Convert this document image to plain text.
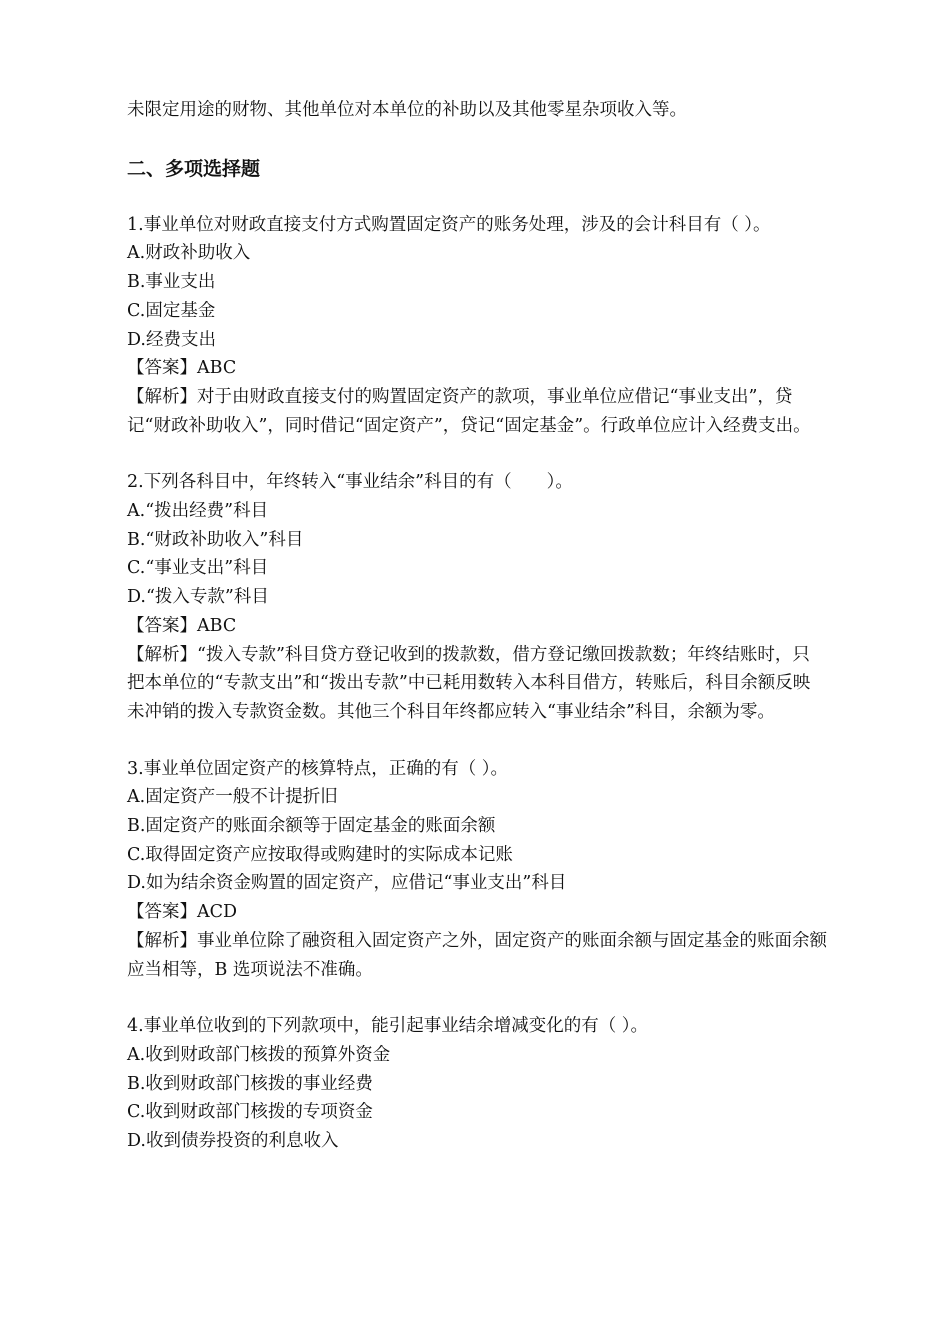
未限定用途的财物、其他单位对本单位的补助以及其他零星杂项收入等。

二、多项选择题

1.事业单位对财政直接支付方式购置固定资产的账务处理，涉及的会计科目有（ ）。

A.财政补助收入

B.事业支出

C.固定基金

D.经费支出

【答案】ABC

【解析】对于由财政直接支付的购置固定资产的款项，事业单位应借记“事业支出”，贷记“财政补助收入”，同时借记“固定资产”，贷记“固定基金”。行政单位应计入经费支出。

2.下列各科目中，年终转入“事业结余”科目的有（　　）。

A.“拨出经费”科目

B.“财政补助收入”科目

C.“事业支出”科目

D.“拨入专款”科目

【答案】ABC

【解析】“拨入专款”科目贷方登记收到的拨款数，借方登记缴回拨款数；年终结账时，只把本单位的“专款支出”和“拨出专款”中已耗用数转入本科目借方，转账后，科目余额反映未冲销的拨入专款资金数。其他三个科目年终都应转入“事业结余”科目，余额为零。

3.事业单位固定资产的核算特点，正确的有（ ）。

A.固定资产一般不计提折旧

B.固定资产的账面余额等于固定基金的账面余额

C.取得固定资产应按取得或购建时的实际成本记账

D.如为结余资金购置的固定资产，应借记“事业支出”科目

【答案】ACD

【解析】事业单位除了融资租入固定资产之外，固定资产的账面余额与固定基金的账面余额应当相等，B 选项说法不准确。

4.事业单位收到的下列款项中，能引起事业结余增减变化的有（ ）。

A.收到财政部门核拨的预算外资金

B.收到财政部门核拨的事业经费

C.收到财政部门核拨的专项资金

D.收到债券投资的利息收入
